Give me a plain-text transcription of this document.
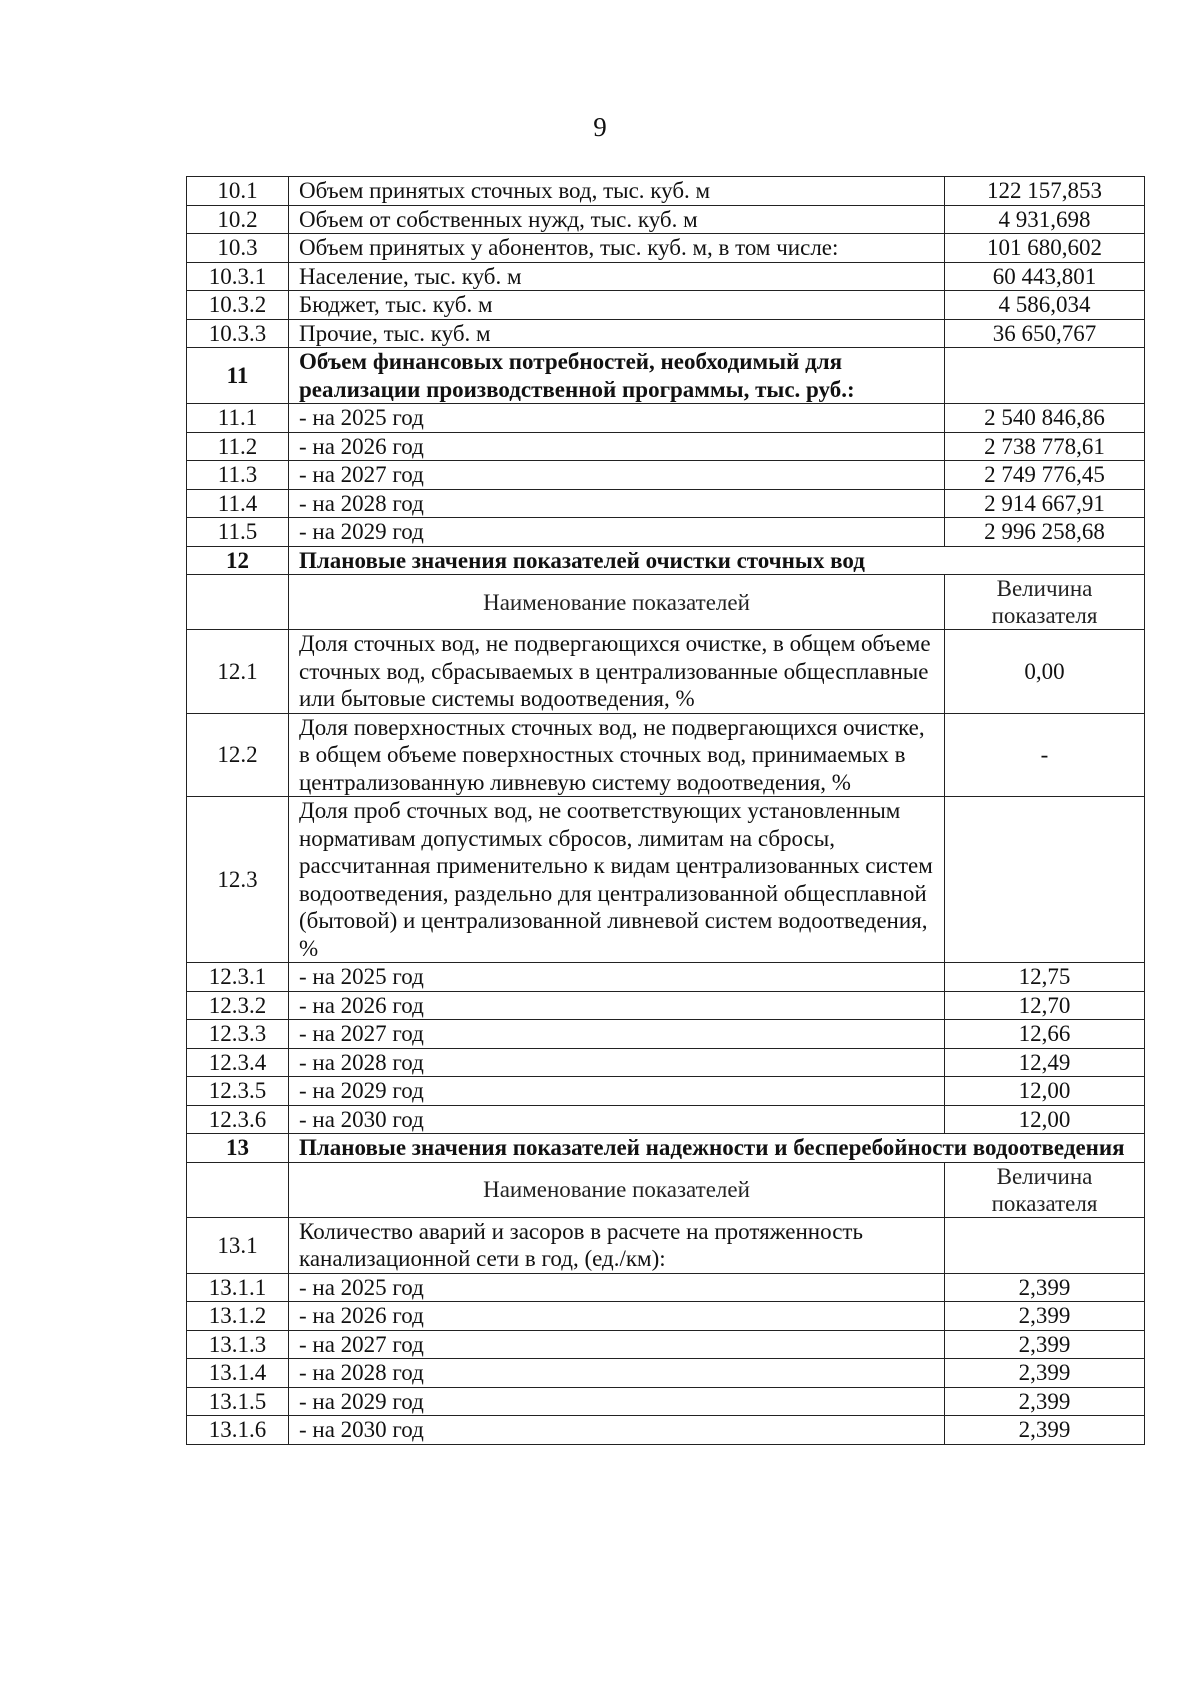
9
10.1	Объем принятых сточных вод, тыс. куб. м	122 157,853
10.2	Объем от собственных нужд, тыс. куб. м	4 931,698
10.3	Объем принятых у абонентов, тыс. куб. м, в том числе:	101 680,602
10.3.1	Население, тыс. куб. м	60 443,801
10.3.2	Бюджет, тыс. куб. м	4 586,034
10.3.3	Прочие, тыс. куб. м	36 650,767
11	Объем финансовых потребностей, необходимый для реализации производственной программы, тыс. руб.:	
11.1	- на 2025 год	2 540 846,86
11.2	- на 2026 год	2 738 778,61
11.3	- на 2027 год	2 749 776,45
11.4	- на 2028 год	2 914 667,91
11.5	- на 2029 год	2 996 258,68
12	Плановые значения показателей очистки сточных вод	
	Наименование показателей	Величина показателя
12.1	Доля сточных вод, не подвергающихся очистке, в общем объеме сточных вод, сбрасываемых в централизованные общесплавные или бытовые системы водоотведения, %	0,00
12.2	Доля поверхностных сточных вод, не подвергающихся очистке, в общем объеме поверхностных сточных вод, принимаемых в централизованную ливневую систему водоотведения, %	-
12.3	Доля проб сточных вод, не соответствующих установленным нормативам допустимых сбросов, лимитам на сбросы, рассчитанная применительно к видам централизованных систем водоотведения, раздельно для централизованной общесплавной (бытовой) и централизованной ливневой систем водоотведения, %	
12.3.1	- на 2025 год	12,75
12.3.2	- на 2026 год	12,70
12.3.3	- на 2027 год	12,66
12.3.4	- на 2028 год	12,49
12.3.5	- на 2029 год	12,00
12.3.6	- на 2030 год	12,00
13	Плановые значения показателей надежности и бесперебойности водоотведения	
	Наименование показателей	Величина показателя
13.1	Количество аварий и засоров в расчете на протяженность канализационной сети в год, (ед./км):	
13.1.1	- на 2025 год	2,399
13.1.2	- на 2026 год	2,399
13.1.3	- на 2027 год	2,399
13.1.4	- на 2028 год	2,399
13.1.5	- на 2029 год	2,399
13.1.6	- на 2030 год	2,399
